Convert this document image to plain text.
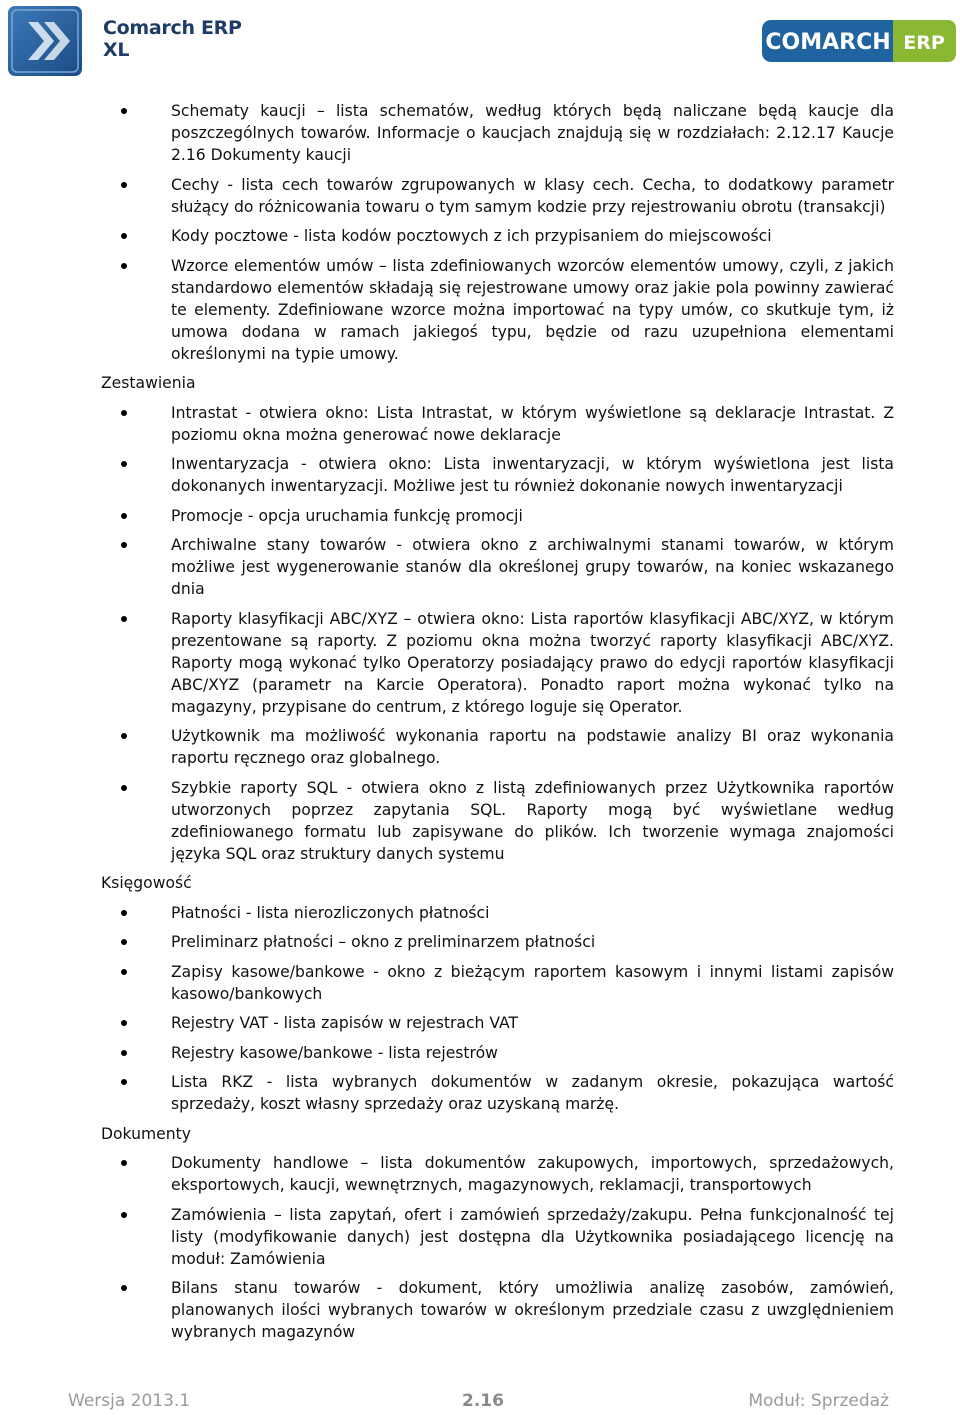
Comarch ERP
XL	COMARCH ERP
Schematy kaucji – lista schematów, według których będą naliczane będą kaucje dla poszczególnych towarów. Informacje o kaucjach znajdują się w rozdziałach: 2.12.17 Kaucje 2.16 Dokumenty kaucji
Cechy - lista cech towarów zgrupowanych w klasy cech. Cecha, to dodatkowy parametr służący do różnicowania towaru o tym samym kodzie przy rejestrowaniu obrotu (transakcji)
Kody pocztowe - lista kodów pocztowych z ich przypisaniem do miejscowości
Wzorce elementów umów – lista zdefiniowanych wzorców elementów umowy, czyli, z jakich standardowo elementów składają się rejestrowane umowy oraz jakie pola powinny zawierać te elementy. Zdefiniowane wzorce można importować na typy umów, co skutkuje tym, iż umowa dodana w ramach jakiegoś typu, będzie od razu uzupełniona elementami określonymi na typie umowy.
Zestawienia
Intrastat - otwiera okno: Lista Intrastat, w którym wyświetlone są deklaracje Intrastat. Z poziomu okna można generować nowe deklaracje
Inwentaryzacja - otwiera okno: Lista inwentaryzacji, w którym wyświetlona jest lista dokonanych inwentaryzacji. Możliwe jest tu również dokonanie nowych inwentaryzacji
Promocje - opcja uruchamia funkcję promocji
Archiwalne stany towarów - otwiera okno z archiwalnymi stanami towarów, w którym możliwe jest wygenerowanie stanów dla określonej grupy towarów, na koniec wskazanego dnia
Raporty klasyfikacji ABC/XYZ – otwiera okno: Lista raportów klasyfikacji ABC/XYZ, w którym prezentowane są raporty. Z poziomu okna można tworzyć raporty klasyfikacji ABC/XYZ. Raporty mogą wykonać tylko Operatorzy posiadający prawo do edycji raportów klasyfikacji ABC/XYZ (parametr na Karcie Operatora). Ponadto raport można wykonać tylko na magazyny, przypisane do centrum, z którego loguje się Operator.
Użytkownik ma możliwość wykonania raportu na podstawie analizy BI oraz wykonania raportu ręcznego oraz globalnego.
Szybkie raporty SQL - otwiera okno z listą zdefiniowanych przez Użytkownika raportów utworzonych poprzez zapytania SQL. Raporty mogą być wyświetlane według zdefiniowanego formatu lub zapisywane do plików. Ich tworzenie wymaga znajomości języka SQL oraz struktury danych systemu
Księgowość
Płatności - lista nierozliczonych płatności
Preliminarz płatności – okno z preliminarzem płatności
Zapisy kasowe/bankowe - okno z bieżącym raportem kasowym i innymi listami zapisów kasowo/bankowych
Rejestry VAT - lista zapisów w rejestrach VAT
Rejestry kasowe/bankowe - lista rejestrów
Lista RKZ - lista wybranych dokumentów w zadanym okresie, pokazująca wartość sprzedaży, koszt własny sprzedaży oraz uzyskaną marżę.
Dokumenty
Dokumenty handlowe – lista dokumentów zakupowych, importowych, sprzedażowych, eksportowych, kaucji, wewnętrznych, magazynowych, reklamacji, transportowych
Zamówienia – lista zapytań, ofert i zamówień sprzedaży/zakupu. Pełna funkcjonalność tej listy (modyfikowanie danych) jest dostępna dla Użytkownika posiadającego licencję na moduł: Zamówienia
Bilans stanu towarów - dokument, który umożliwia analizę zasobów, zamówień, planowanych ilości wybranych towarów w określonym przedziale czasu z uwzględnieniem wybranych magazynów
Wersja 2013.1	2.16	Moduł: Sprzedaż
